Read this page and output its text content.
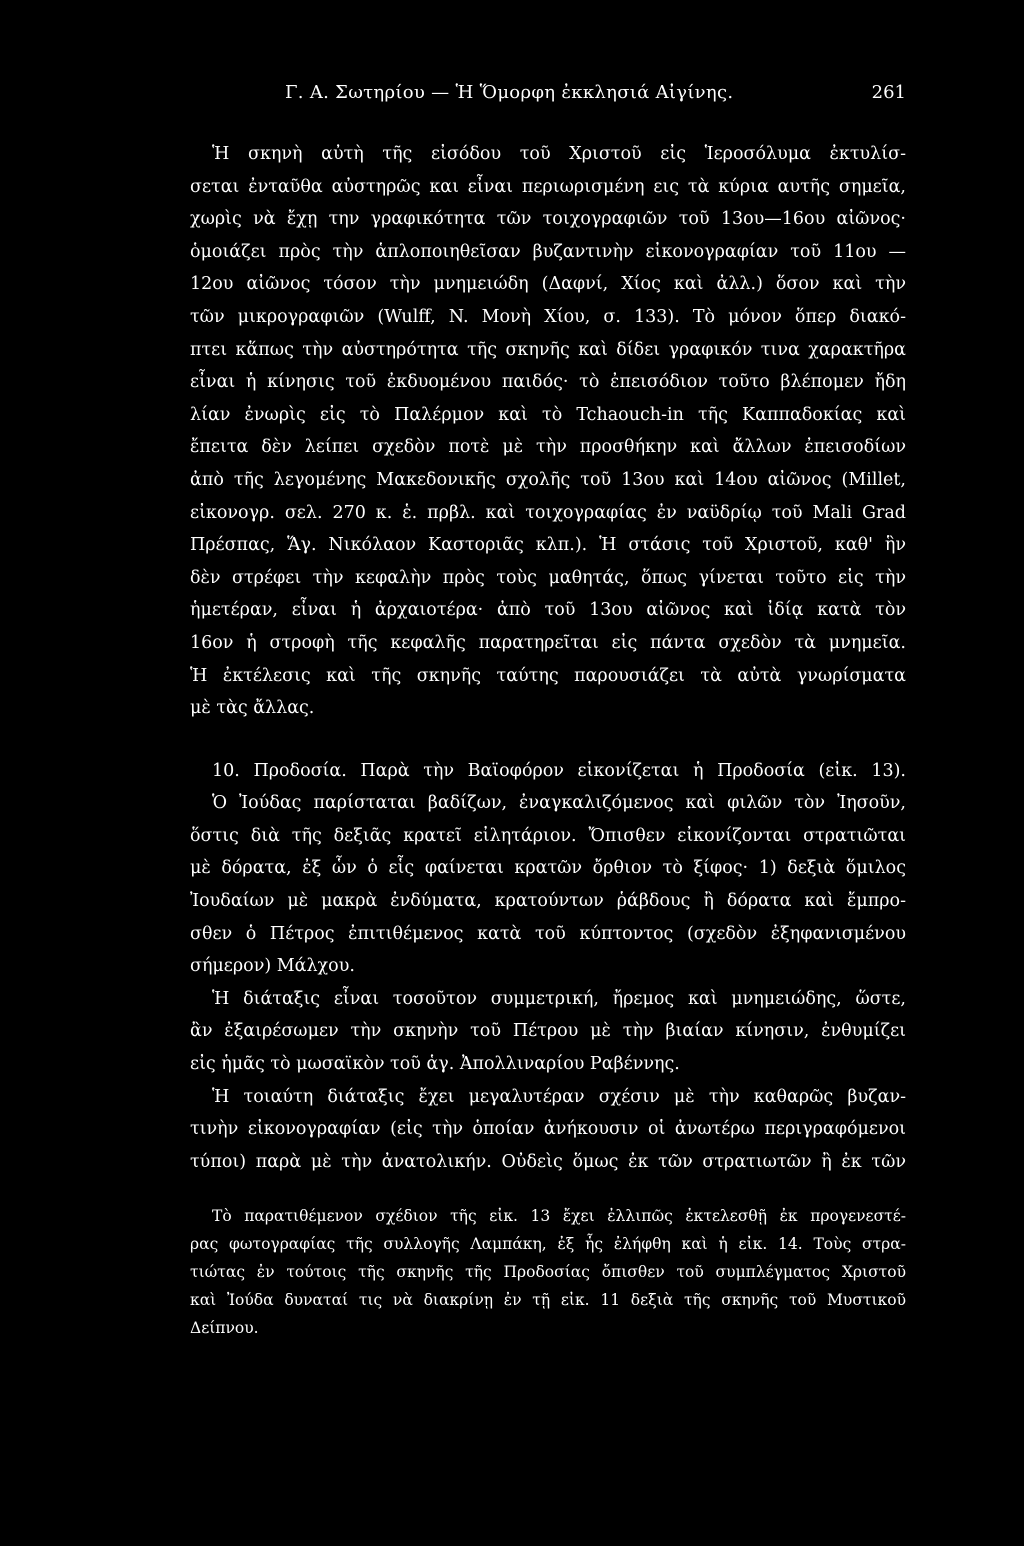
Γ. Α. Σωτηρίου — Ἡ Ὅμορφη ἐκκλησιά Αἰγίνης.	261
Ἡ σκηνὴ αὐτὴ τῆς εἰσόδου τοῦ Χριστοῦ εἰς Ἱεροσόλυμα ἐκτυλίσ-
σεται ἐνταῦθα αὐστηρῶς και εἶναι περιωρισμένη εις τὰ κύρια αυτῆς σημεῖα,
χωρὶς νὰ ἔχῃ την γραφικότητα τῶν τοιχογραφιῶν τοῦ 13ου—16ου αἰῶνος·
ὁμοιάζει πρὸς τὴν ἁπλοποιηθεῖσαν βυζαντινὴν εἰκονογραφίαν τοῦ 11ου —
12ου αἰῶνος τόσον τὴν μνημειώδη (Δαφνί, Χίος καὶ ἀλλ.) ὅσον καὶ τὴν
τῶν μικρογραφιῶν (Wulff, N. Μονὴ Χίου, σ. 133). Τὸ μόνον ὅπερ διακό-
πτει κἅπως τὴν αὐστηρότητα τῆς σκηνῆς καὶ δίδει γραφικόν τινα χαρακτῆρα
εἶναι ἡ κίνησις τοῦ ἐκδυομένου παιδός· τὸ ἐπεισόδιον τοῦτο βλέπομεν ἤδη
λίαν ἐνωρὶς εἰς τὸ Παλέρμον καὶ τὸ Tchaouch-in τῆς Καππαδοκίας καὶ
ἔπειτα δὲν λείπει σχεδὸν ποτὲ μὲ τὴν προσθήκην καὶ ἄλλων ἐπεισοδίων
ἀπὸ τῆς λεγομένης Μακεδονικῆς σχολῆς τοῦ 13ου καὶ 14ου αἰῶνος (Millet,
εἰκονογρ. σελ. 270 κ. ἑ. πρβλ. καὶ τοιχογραφίας ἐν ναϋδρίῳ τοῦ Mali Grad
Πρέσπας, Ἅγ. Νικόλαον Καστοριᾶς κλπ.). Ἡ στάσις τοῦ Χριστοῦ, καθ' ἣν
δὲν στρέφει τὴν κεφαλὴν πρὸς τοὺς μαθητάς, ὅπως γίνεται τοῦτο εἰς τὴν
ἡμετέραν, εἶναι ἡ ἀρχαιοτέρα· ἀπὸ τοῦ 13ου αἰῶνος καὶ ἰδίᾳ κατὰ τὸν
16ον ἡ στροφὴ τῆς κεφαλῆς παρατηρεῖται εἰς πάντα σχεδὸν τὰ μνημεῖα.
Ἡ ἐκτέλεσις καὶ τῆς σκηνῆς ταύτης παρουσιάζει τὰ αὐτὰ γνωρίσματα
μὲ τὰς ἄλλας.
10. Προδοσία. Παρὰ τὴν Βαϊοφόρον εἰκονίζεται ἡ Προδοσία (εἰκ. 13).
Ὁ Ἰούδας παρίσταται βαδίζων, ἐναγκαλιζόμενος καὶ φιλῶν τὸν Ἰησοῦν,
ὅστις διὰ τῆς δεξιᾶς κρατεῖ εἰλητάριον. Ὄπισθεν εἰκονίζονται στρατιῶται
μὲ δόρατα, ἐξ ὧν ὁ εἷς φαίνεται κρατῶν ὄρθιον τὸ ξίφος· 1) δεξιὰ ὅμιλος
Ἰουδαίων μὲ μακρὰ ἐνδύματα, κρατούντων ῥάβδους ἢ δόρατα καὶ ἔμπρο-
σθεν ὁ Πέτρος ἐπιτιθέμενος κατὰ τοῦ κύπτοντος (σχεδὸν ἐξηφανισμένου
σήμερον) Μάλχου.
Ἡ διάταξις εἶναι τοσοῦτον συμμετρική, ἤρεμος καὶ μνημειώδης, ὥστε,
ἂν ἐξαιρέσωμεν τὴν σκηνὴν τοῦ Πέτρου μὲ τὴν βιαίαν κίνησιν, ἐνθυμίζει
εἰς ἡμᾶς τὸ μωσαϊκὸν τοῦ ἁγ. Ἀπολλιναρίου Ραβέννης.
Ἡ τοιαύτη διάταξις ἔχει μεγαλυτέραν σχέσιν μὲ τὴν καθαρῶς βυζαν-
τινὴν εἰκονογραφίαν (εἰς τὴν ὁποίαν ἀνήκουσιν οἱ ἀνωτέρω περιγραφόμενοι
τύποι) παρὰ μὲ τὴν ἀνατολικήν. Οὐδεὶς ὅμως ἐκ τῶν στρατιωτῶν ἢ ἐκ τῶν
Τὸ παρατιθέμενον σχέδιον τῆς εἰκ. 13 ἔχει ἐλλιπῶς ἐκτελεσθῇ ἐκ προγενεστέ-
ρας φωτογραφίας τῆς συλλογῆς Λαμπάκη, ἐξ ἧς ἐλήφθη καὶ ἡ εἰκ. 14. Τοὺς στρα-
τιώτας ἐν τούτοις τῆς σκηνῆς τῆς Προδοσίας ὄπισθεν τοῦ συμπλέγματος Χριστοῦ
καὶ Ἰούδα δυναταί τις νὰ διακρίνῃ ἐν τῇ εἰκ. 11 δεξιὰ τῆς σκηνῆς τοῦ Μυστικοῦ
Δείπνου.
